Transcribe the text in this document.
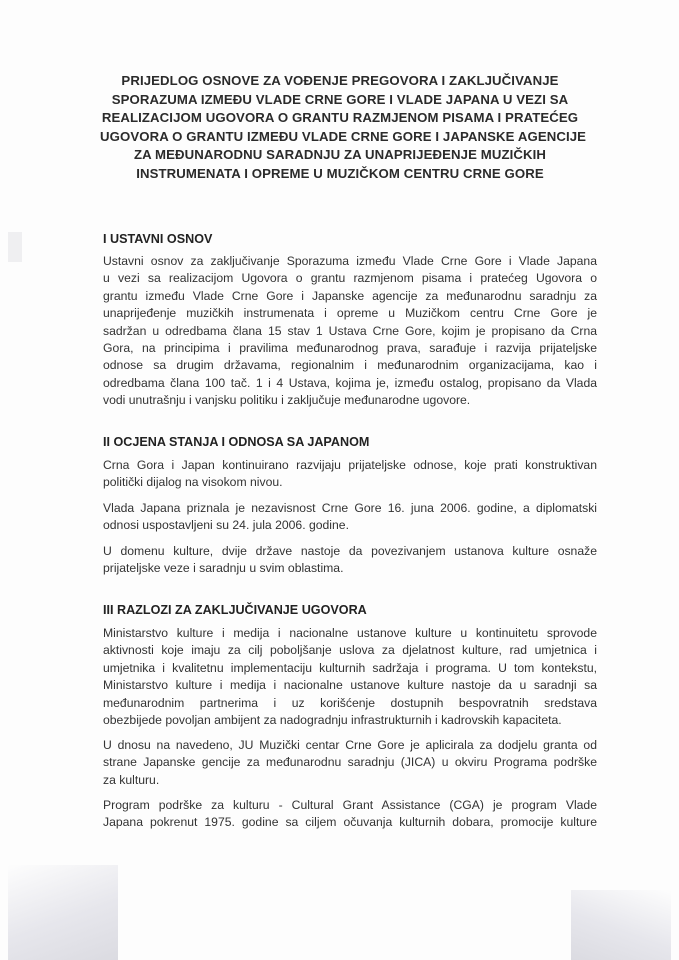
PRIJEDLOG OSNOVE ZA VOĐENJE PREGOVORA I ZAKLJUČIVANJE
SPORAZUMA IZMEĐU VLADE CRNE GORE I VLADE JAPANA U VEZI SA
REALIZACIJOM UGOVORA O GRANTU RAZMJENOM PISAMA I PRATEĆEG
UGOVORA O GRANTU IZMEĐU VLADE CRNE GORE I JAPANSKE AGENCIJE
ZA MEĐUNARODNU SARADNJU ZA UNAPRIJEĐENJE MUZIČKIH
INSTRUMENATA I OPREME U MUZIČKOM CENTRU CRNE GORE
I USTAVNI OSNOV
Ustavni osnov za zaključivanje Sporazuma između Vlade Crne Gore i Vlade Japana
u vezi sa realizacijom Ugovora o grantu razmjenom pisama i pratećeg Ugovora o
grantu između Vlade Crne Gore i Japanske agencije za međunarodnu saradnju za
unaprijeđenje muzičkih instrumenata i opreme u Muzičkom centru Crne Gore je
sadržan u odredbama člana 15 stav 1 Ustava Crne Gore, kojim je propisano da Crna
Gora, na principima i pravilima međunarodnog prava, sarađuje i razvija prijateljske
odnose sa drugim državama, regionalnim i međunarodnim organizacijama, kao i
odredbama člana 100 tač. 1 i 4 Ustava, kojima je, između ostalog, propisano da Vlada
vodi unutrašnju i vanjsku politiku i zaključuje međunarodne ugovore.
II OCJENA STANJA I ODNOSA SA JAPANOM
Crna Gora i Japan kontinuirano razvijaju prijateljske odnose, koje prati konstruktivan
politički dijalog na visokom nivou.
Vlada Japana priznala je nezavisnost Crne Gore 16. juna 2006. godine, a diplomatski
odnosi uspostavljeni su 24. jula 2006. godine.
U domenu kulture, dvije države nastoje da povezivanjem ustanova kulture osnaže
prijateljske veze i saradnju u svim oblastima.
III RAZLOZI ZA ZAKLJUČIVANJE UGOVORA
Ministarstvo kulture i medija i nacionalne ustanove kulture u kontinuitetu sprovode
aktivnosti koje imaju za cilj poboljšanje uslova za djelatnost kulture, rad umjetnica i
umjetnika i kvalitetnu implementaciju kulturnih sadržaja i programa. U tom kontekstu,
Ministarstvo kulture i medija i nacionalne ustanove kulture nastoje da u saradnji sa
međunarodnim partnerima i uz korišćenje dostupnih bespovratnih sredstava
obezbijede povoljan ambijent za nadogradnju infrastrukturnih i kadrovskih kapaciteta.
U dnosu na navedeno, JU Muzički centar Crne Gore je aplicirala za dodjelu granta od
strane Japanske gencije za međunarodnu saradnju (JICA) u okviru Programa podrške
za kulturu.
Program podrške za kulturu - Cultural Grant Assistance (CGA) je program Vlade
Japana pokrenut 1975. godine sa ciljem očuvanja kulturnih dobara, promocije kulture
